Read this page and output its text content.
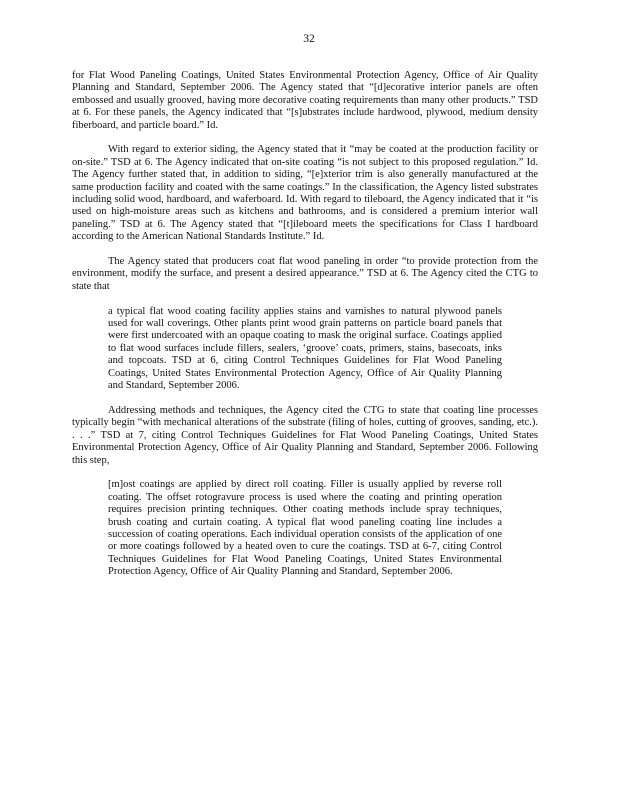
32

for Flat Wood Paneling Coatings, United States Environmental Protection Agency, Office of Air Quality Planning and Standard, September 2006. The Agency stated that “[d]ecorative interior panels are often embossed and usually grooved, having more decorative coating requirements than many other products.” TSD at 6. For these panels, the Agency indicated that “[s]ubstrates include hardwood, plywood, medium density fiberboard, and particle board.” Id.

With regard to exterior siding, the Agency stated that it “may be coated at the production facility or on-site.” TSD at 6. The Agency indicated that on-site coating “is not subject to this proposed regulation.” Id. The Agency further stated that, in addition to siding, “[e]xterior trim is also generally manufactured at the same production facility and coated with the same coatings.” In the classification, the Agency listed substrates including solid wood, hardboard, and waferboard. Id. With regard to tileboard, the Agency indicated that it “is used on high-moisture areas such as kitchens and bathrooms, and is considered a premium interior wall paneling.” TSD at 6. The Agency stated that “[t]ileboard meets the specifications for Class I hardboard according to the American National Standards Institute.” Id.

The Agency stated that producers coat flat wood paneling in order “to provide protection from the environment, modify the surface, and present a desired appearance.” TSD at 6. The Agency cited the CTG to state that

a typical flat wood coating facility applies stains and varnishes to natural plywood panels used for wall coverings. Other plants print wood grain patterns on particle board panels that were first undercoated with an opaque coating to mask the original surface. Coatings applied to flat wood surfaces include fillers, sealers, ‘groove’ coats, primers, stains, basecoats, inks and topcoats. TSD at 6, citing Control Techniques Guidelines for Flat Wood Paneling Coatings, United States Environmental Protection Agency, Office of Air Quality Planning and Standard, September 2006.

Addressing methods and techniques, the Agency cited the CTG to state that coating line processes typically begin “with mechanical alterations of the substrate (filing of holes, cutting of grooves, sanding, etc.). . . .” TSD at 7, citing Control Techniques Guidelines for Flat Wood Paneling Coatings, United States Environmental Protection Agency, Office of Air Quality Planning and Standard, September 2006. Following this step,

[m]ost coatings are applied by direct roll coating. Filler is usually applied by reverse roll coating. The offset rotogravure process is used where the coating and printing operation requires precision printing techniques. Other coating methods include spray techniques, brush coating and curtain coating. A typical flat wood paneling coating line includes a succession of coating operations. Each individual operation consists of the application of one or more coatings followed by a heated oven to cure the coatings. TSD at 6-7, citing Control Techniques Guidelines for Flat Wood Paneling Coatings, United States Environmental Protection Agency, Office of Air Quality Planning and Standard, September 2006.
